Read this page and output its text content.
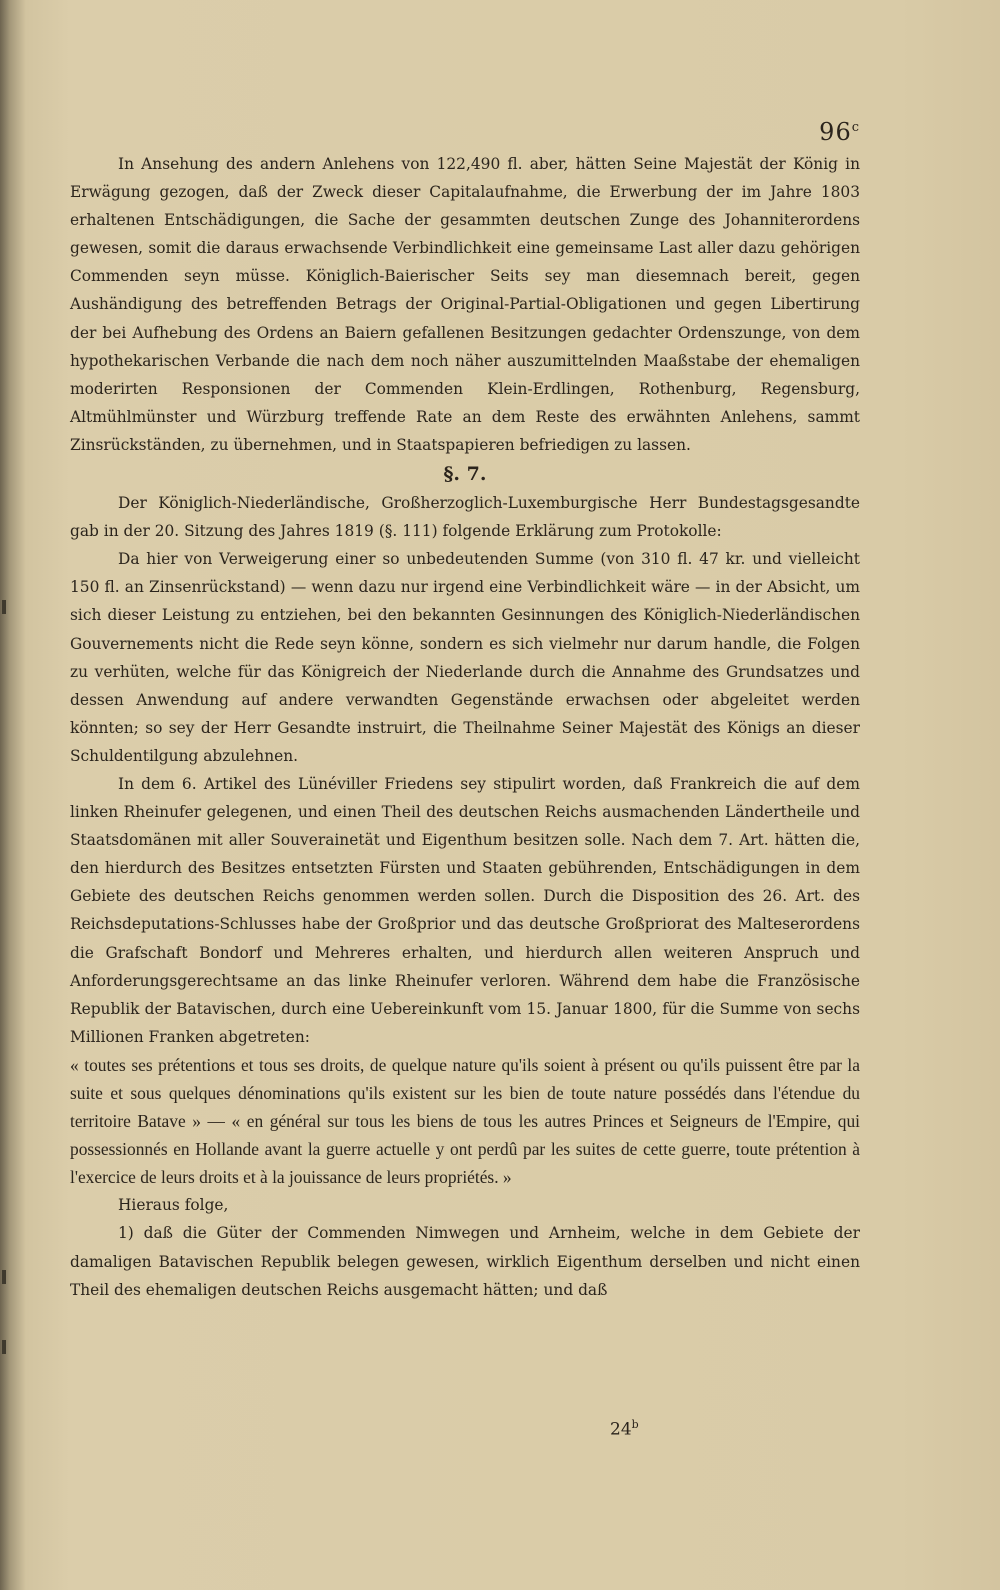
96$^c$

In Ansehung des andern Anlehens von 122,490 fl. aber, hätten Seine Majestät der König in Erwägung gezogen, daß der Zweck dieser Capitalaufnahme, die Erwerbung der im Jahre 1803 erhaltenen Entschädigungen, die Sache der gesammten deutschen Zunge des Johanniterordens gewesen, somit die daraus erwachsende Verbindlichkeit eine gemeinsame Last aller dazu gehörigen Commenden seyn müsse. Königlich-Baierischer Seits sey man diesemnach bereit, gegen Aushändigung des betreffenden Betrags der Original-Partial-Obligationen und gegen Libertirung der bei Aufhebung des Ordens an Baiern gefallenen Besitzungen gedachter Ordenszunge, von dem hypothekarischen Verbande die nach dem noch näher auszumittelnden Maaßstabe der ehemaligen moderirten Responsionen der Commenden Klein-Erdlingen, Rothenburg, Regensburg, Altmühlmünster und Würzburg treffende Rate an dem Reste des erwähnten Anlehens, sammt Zinsrückständen, zu übernehmen, und in Staatspapieren befriedigen zu lassen.

§. 7.

Der Königlich-Niederländische, Großherzoglich-Luxemburgische Herr Bundestagsgesandte gab in der 20. Sitzung des Jahres 1819 (§. 111) folgende Erklärung zum Protokolle:

Da hier von Verweigerung einer so unbedeutenden Summe (von 310 fl. 47 kr. und vielleicht 150 fl. an Zinsenrückstand) — wenn dazu nur irgend eine Verbindlichkeit wäre — in der Absicht, um sich dieser Leistung zu entziehen, bei den bekannten Gesinnungen des Königlich-Niederländischen Gouvernements nicht die Rede seyn könne, sondern es sich vielmehr nur darum handle, die Folgen zu verhüten, welche für das Königreich der Niederlande durch die Annahme des Grundsatzes und dessen Anwendung auf andere verwandten Gegenstände erwachsen oder abgeleitet werden könnten; so sey der Herr Gesandte instruirt, die Theilnahme Seiner Majestät des Königs an dieser Schuldentilgung abzulehnen.

In dem 6. Artikel des Lünéviller Friedens sey stipulirt worden, daß Frankreich die auf dem linken Rheinufer gelegenen, und einen Theil des deutschen Reichs ausmachenden Ländertheile und Staatsdomänen mit aller Souverainetät und Eigenthum besitzen solle. Nach dem 7. Art. hätten die, den hierdurch des Besitzes entsetzten Fürsten und Staaten gebührenden, Entschädigungen in dem Gebiete des deutschen Reichs genommen werden sollen. Durch die Disposition des 26. Art. des Reichsdeputations-Schlusses habe der Großprior und das deutsche Großpriorat des Malteserordens die Grafschaft Bondorf und Mehreres erhalten, und hierdurch allen weiteren Anspruch und Anforderungsgerechtsame an das linke Rheinufer verloren. Während dem habe die Französische Republik der Batavischen, durch eine Uebereinkunft vom 15. Januar 1800, für die Summe von sechs Millionen Franken abgetreten:

« toutes ses prétentions et tous ses droits, de quelque nature qu'ils soient à présent ou qu'ils puissent être par la suite et sous quelques dénominations qu'ils existent sur les bien de toute nature possédés dans l'étendue du territoire Batave » — « en général sur tous les biens de tous les autres Princes et Seigneurs de l'Empire, qui possessionnés en Hollande avant la guerre actuelle y ont perdû par les suites de cette guerre, toute prétention à l'exercice de leurs droits et à la jouissance de leurs propriétés. »

Hieraus folge,

1) daß die Güter der Commenden Nimwegen und Arnheim, welche in dem Gebiete der damaligen Batavischen Republik belegen gewesen, wirklich Eigenthum derselben und nicht einen Theil des ehemaligen deutschen Reichs ausgemacht hätten; und daß

24$^b$
